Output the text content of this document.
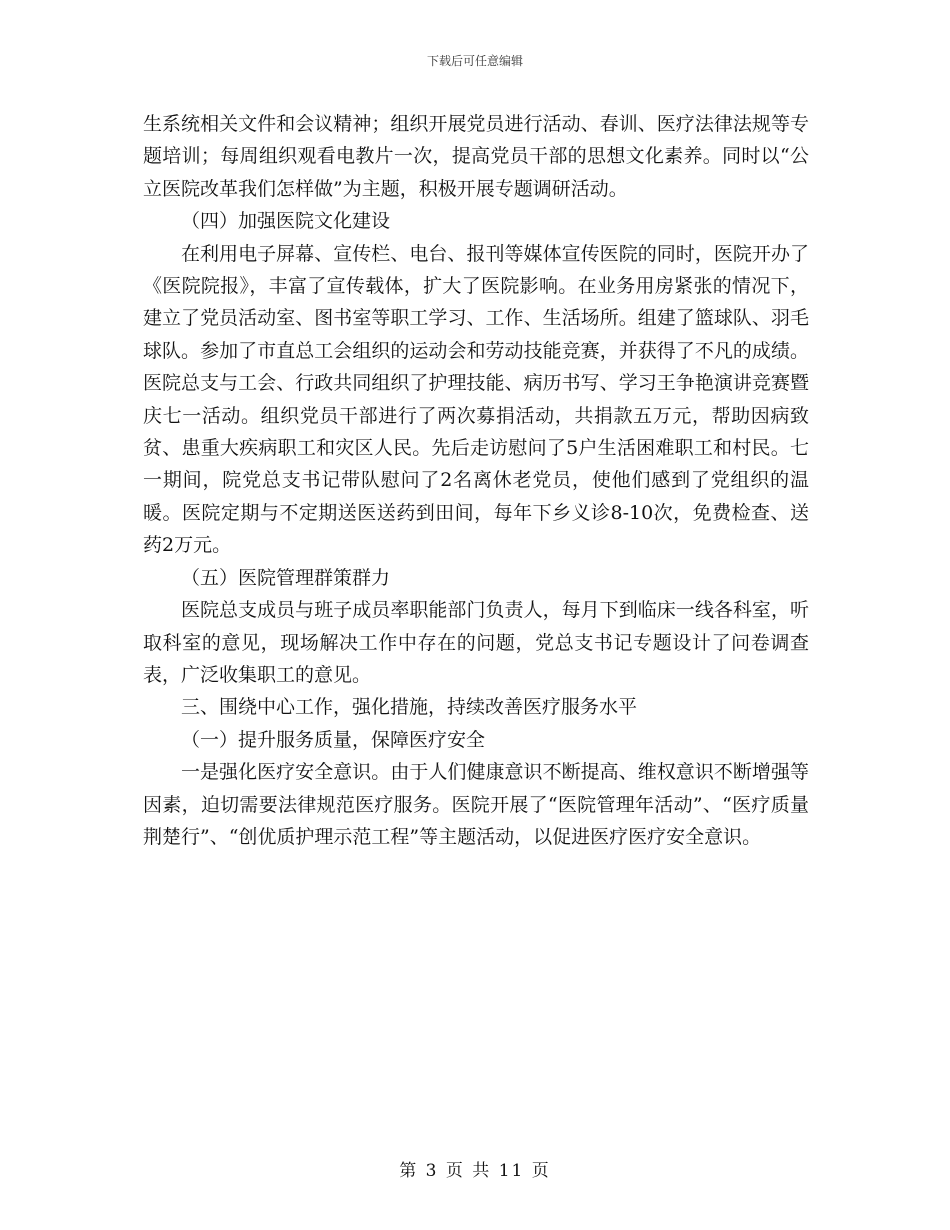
下载后可任意编辑

生系统相关文件和会议精神；组织开展党员进行活动、春训、医疗法律法规等专题培训；每周组织观看电教片一次，提高党员干部的思想文化素养。同时以“公立医院改革我们怎样做”为主题，积极开展专题调研活动。

（四）加强医院文化建设

在利用电子屏幕、宣传栏、电台、报刊等媒体宣传医院的同时，医院开办了《医院院报》，丰富了宣传载体，扩大了医院影响。在业务用房紧张的情况下，建立了党员活动室、图书室等职工学习、工作、生活场所。组建了篮球队、羽毛球队。参加了市直总工会组织的运动会和劳动技能竞赛，并获得了不凡的成绩。医院总支与工会、行政共同组织了护理技能、病历书写、学习王争艳演讲竞赛暨庆七一活动。组织党员干部进行了两次募捐活动，共捐款五万元，帮助因病致贫、患重大疾病职工和灾区人民。先后走访慰问了5户生活困难职工和村民。七一期间，院党总支书记带队慰问了2名离休老党员，使他们感到了党组织的温暖。医院定期与不定期送医送药到田间，每年下乡义诊8-10次，免费检查、送药2万元。

（五）医院管理群策群力

医院总支成员与班子成员率职能部门负责人，每月下到临床一线各科室，听取科室的意见，现场解决工作中存在的问题，党总支书记专题设计了问卷调查表，广泛收集职工的意见。

三、围绕中心工作，强化措施，持续改善医疗服务水平

（一）提升服务质量，保障医疗安全

一是强化医疗安全意识。由于人们健康意识不断提高、维权意识不断增强等因素，迫切需要法律规范医疗服务。医院开展了“医院管理年活动”、“医疗质量荆楚行”、“创优质护理示范工程”等主题活动，以促进医疗医疗安全意识。

第 3 页 共 11 页
